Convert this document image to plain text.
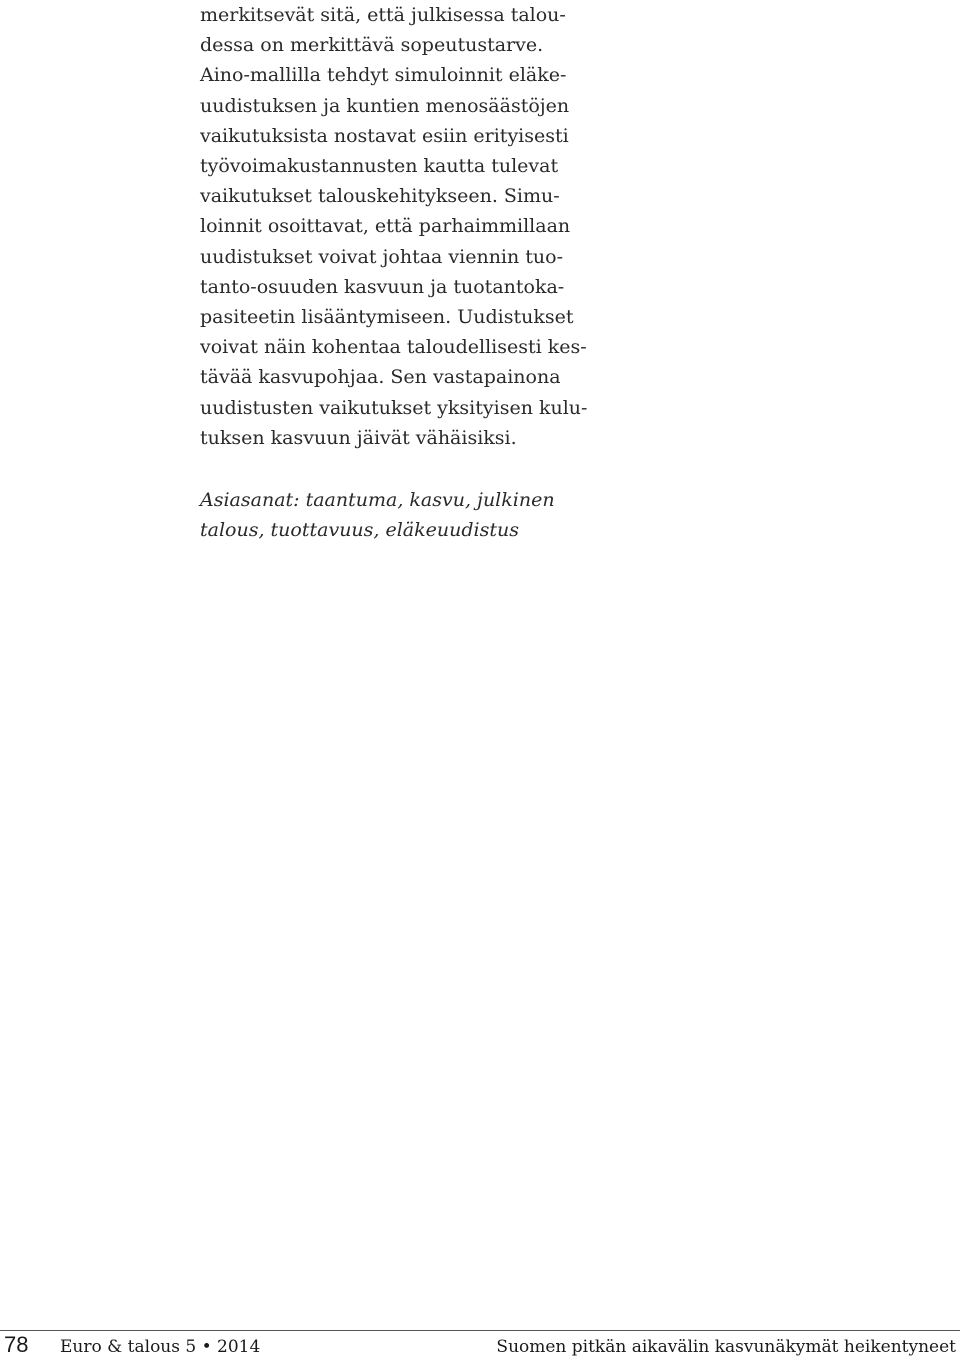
merkitsevät sitä, että julkisessa talou-
dessa on merkittävä sopeutustarve.
Aino-mallilla tehdyt simuloinnit eläke-
uudistuksen ja kuntien menosäästöjen
vaikutuksista nostavat esiin erityisesti
työvoimakustannusten kautta tulevat
vaikutukset talouskehitykseen. Simu-
loinnit osoittavat, että parhaimmillaan
uudistukset voivat johtaa viennin tuo-
tanto-osuuden kasvuun ja tuotantoka-
pasiteetin lisääntymiseen. Uudistukset
voivat näin kohentaa taloudellisesti kes-
tävää kasvupohjaa. Sen vastapainona
uudistusten vaikutukset yksityisen kulu-
tuksen kasvuun jäivät vähäisiksi.
Asiasanat: taantuma, kasvu, julkinen
talous, tuottavuus, eläkeuudistus
78 Euro & talous 5 • 2014	Suomen pitkän aikavälin kasvunäkymät heikentyneet
